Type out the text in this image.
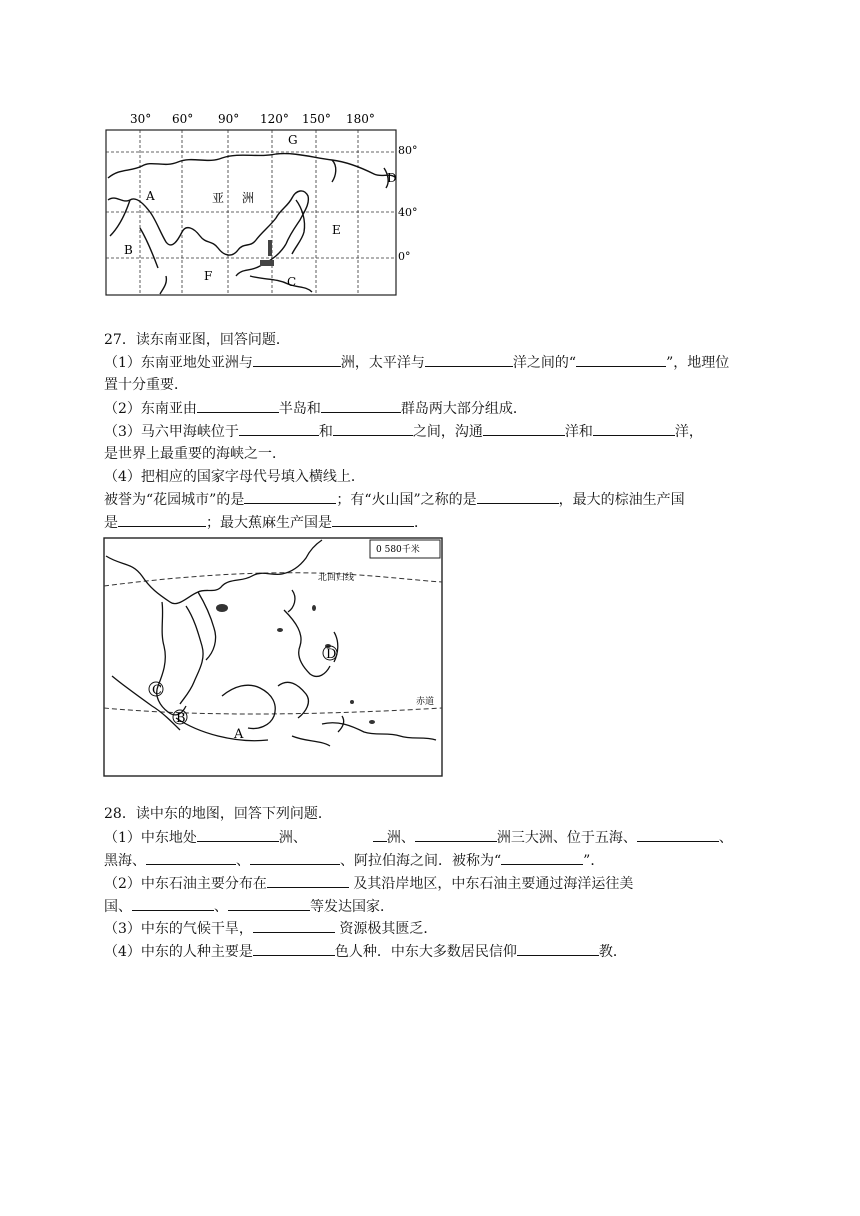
30° 60° 90° 120° 150° 180°
80°
40°
0°
G
A	亚 洲
D
E
B
F	C
27．读东南亚图，回答问题．
（1）东南亚地处亚洲与	洲，太平洋与	洋之间的“	”，地理位
置十分重要．
（2）东南亚由	半岛和	群岛两大部分组成．
（3）马六甲海峡位于	和	之间，沟通	洋和	洋，
是世界上最重要的海峡之一．
（4）把相应的国家字母代号填入横线上．
被誉为“花园城市”的是	；有“火山国”之称的是	，最大的棕油生产国
是	；最大蕉麻生产国是	．
0 580千米
北回归线
赤道
D
C
B
A
28．读中东的地图，回答下列问题．
（1）中东地处	洲、	洲、	洲三大洲、位于五海、	、
黑海、	、	、阿拉伯海之间．被称为“	”．
（2）中东石油主要分布在	及其沿岸地区，中东石油主要通过海洋运往美
国、	、	等发达国家．
（3）中东的气候干旱，	资源极其匮乏．
（4）中东的人种主要是	色人种．中东大多数居民信仰	教．
